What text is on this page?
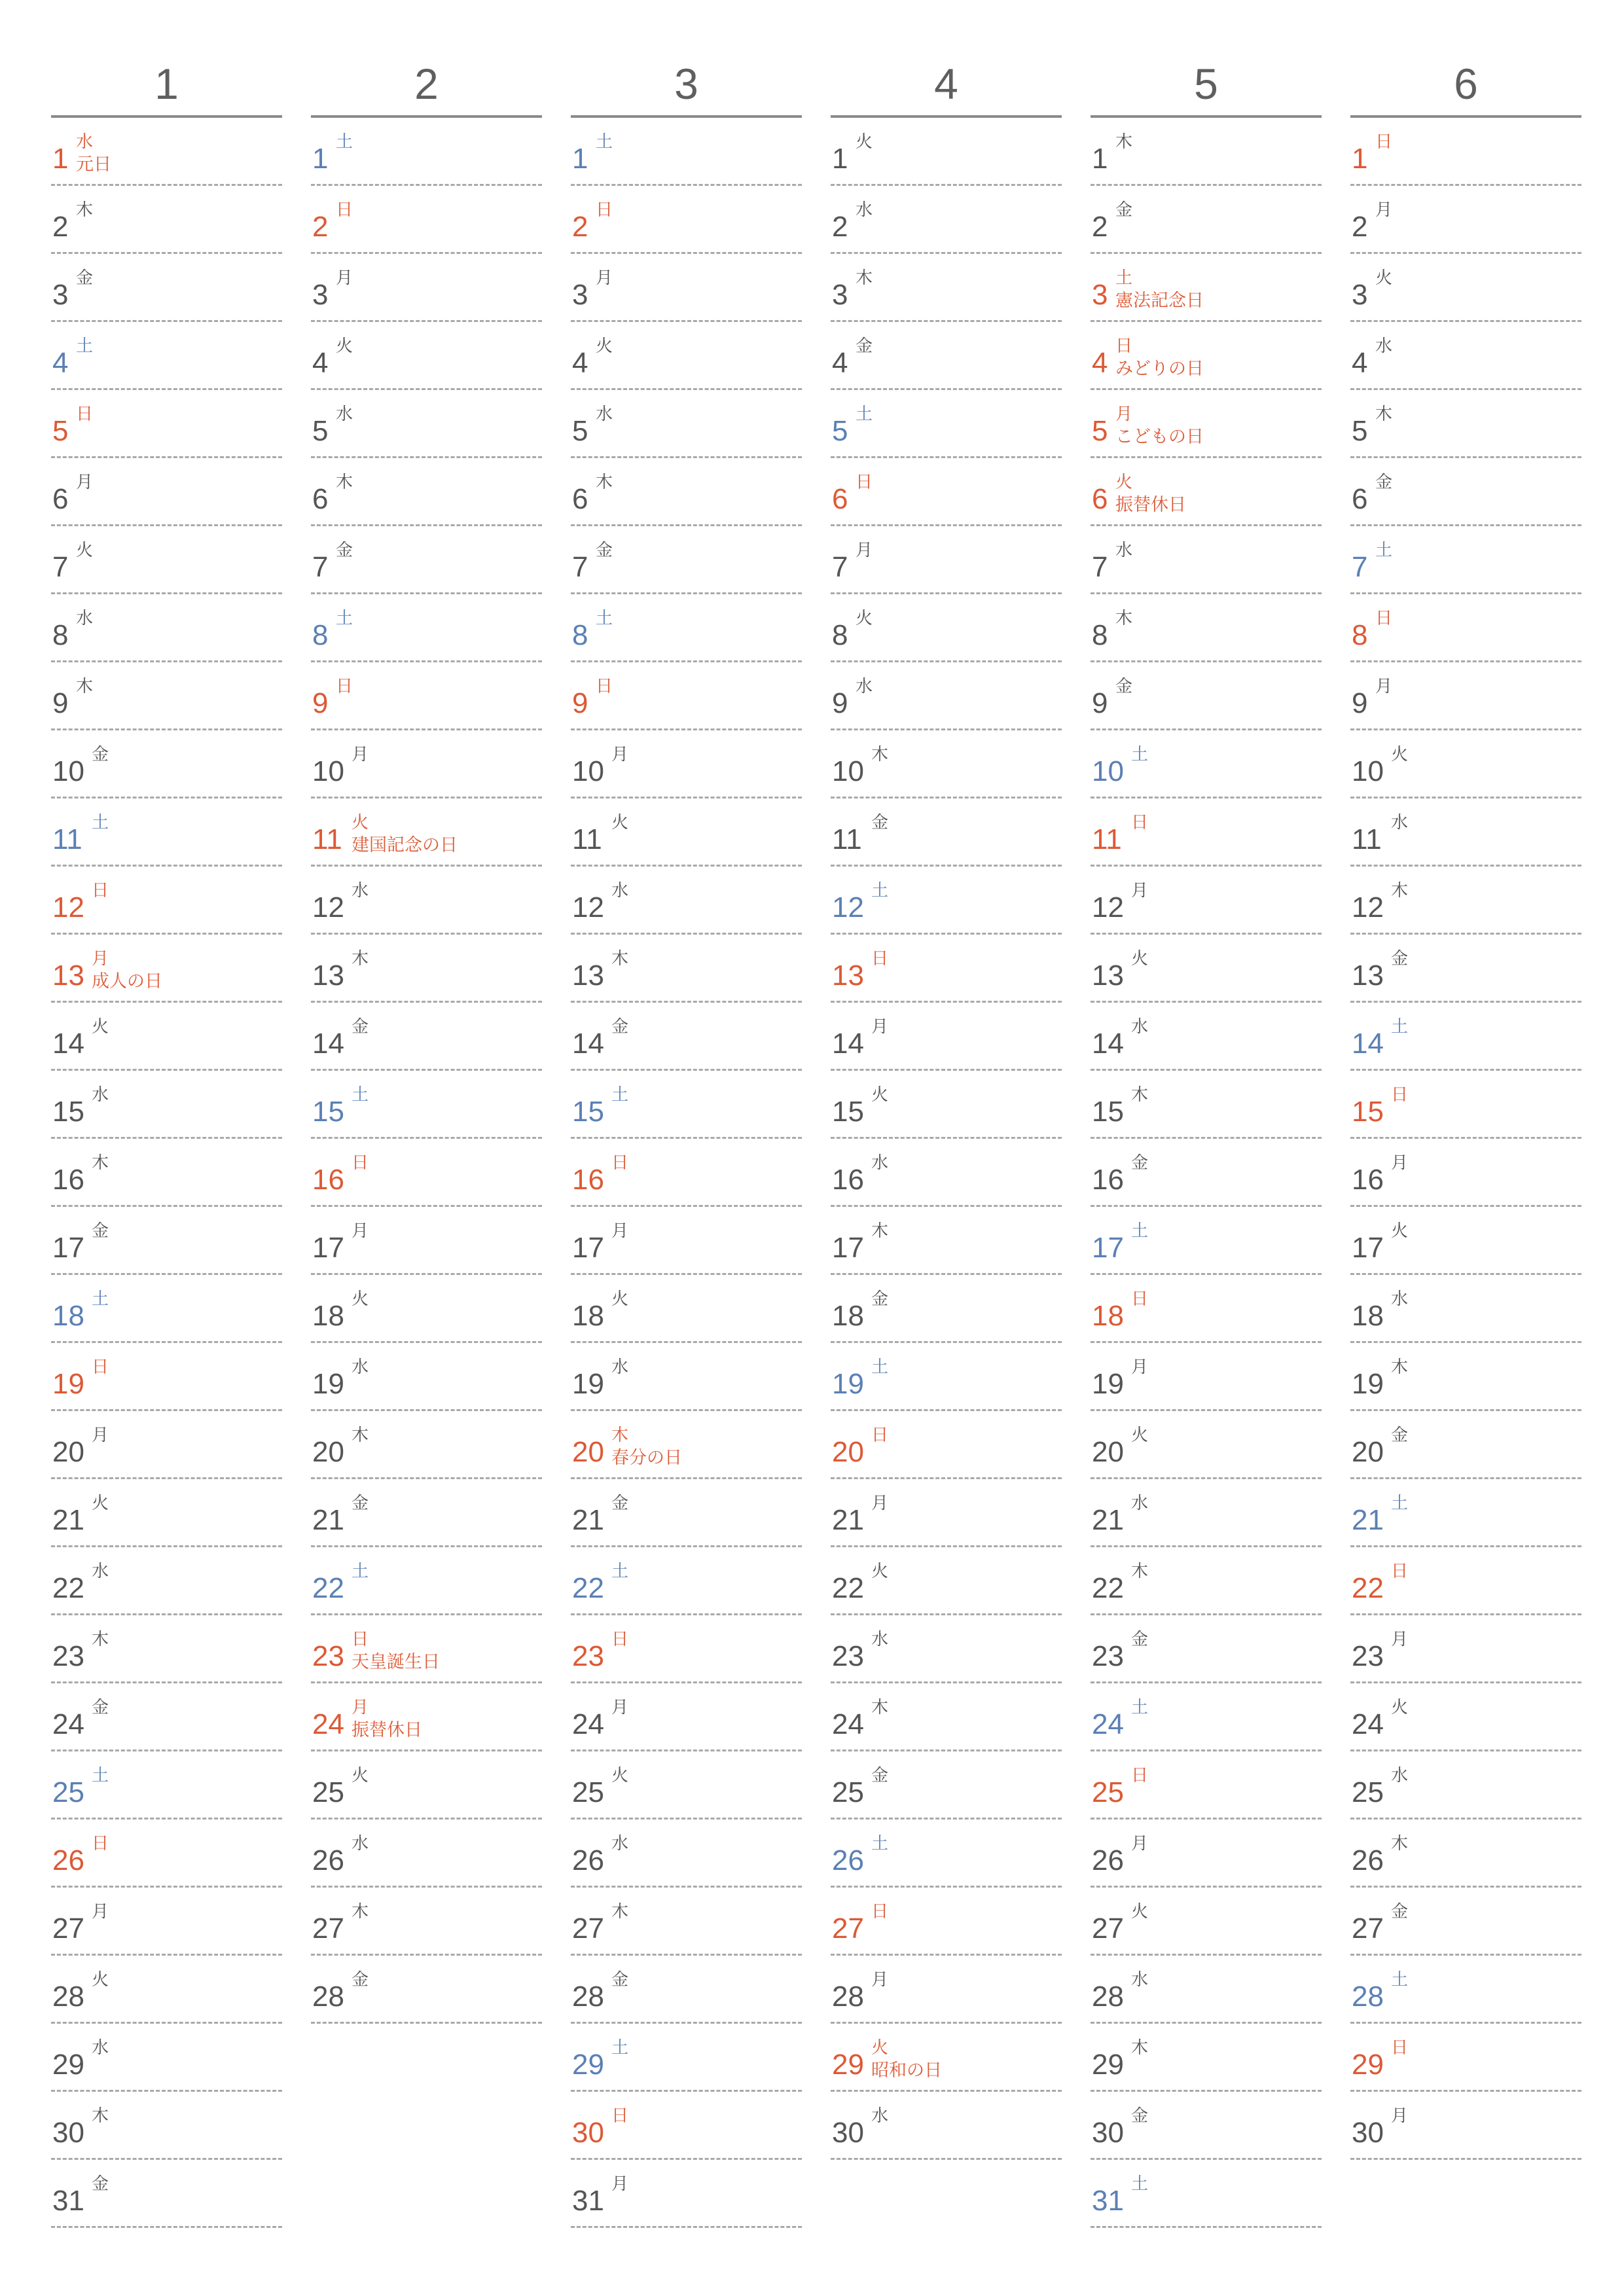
1
1
水
元日
2
木
3
金
4
土
5
日
6
月
7
火
8
水
9
木
10
金
11
土
12
日
13
月
成人の日
14
火
15
水
16
木
17
金
18
土
19
日
20
月
21
火
22
水
23
木
24
金
25
土
26
日
27
月
28
火
29
水
30
木
31
金
2
1
土
2
日
3
月
4
火
5
水
6
木
7
金
8
土
9
日
10
月
11
火
建国記念の日
12
水
13
木
14
金
15
土
16
日
17
月
18
火
19
水
20
木
21
金
22
土
23
日
天皇誕生日
24
月
振替休日
25
火
26
水
27
木
28
金
3
1
土
2
日
3
月
4
火
5
水
6
木
7
金
8
土
9
日
10
月
11
火
12
水
13
木
14
金
15
土
16
日
17
月
18
火
19
水
20
木
春分の日
21
金
22
土
23
日
24
月
25
火
26
水
27
木
28
金
29
土
30
日
31
月
4
1
火
2
水
3
木
4
金
5
土
6
日
7
月
8
火
9
水
10
木
11
金
12
土
13
日
14
月
15
火
16
水
17
木
18
金
19
土
20
日
21
月
22
火
23
水
24
木
25
金
26
土
27
日
28
月
29
火
昭和の日
30
水
5
1
木
2
金
3
土
憲法記念日
4
日
みどりの日
5
月
こどもの日
6
火
振替休日
7
水
8
木
9
金
10
土
11
日
12
月
13
火
14
水
15
木
16
金
17
土
18
日
19
月
20
火
21
水
22
木
23
金
24
土
25
日
26
月
27
火
28
水
29
木
30
金
31
土
6
1
日
2
月
3
火
4
水
5
木
6
金
7
土
8
日
9
月
10
火
11
水
12
木
13
金
14
土
15
日
16
月
17
火
18
水
19
木
20
金
21
土
22
日
23
月
24
火
25
水
26
木
27
金
28
土
29
日
30
月
